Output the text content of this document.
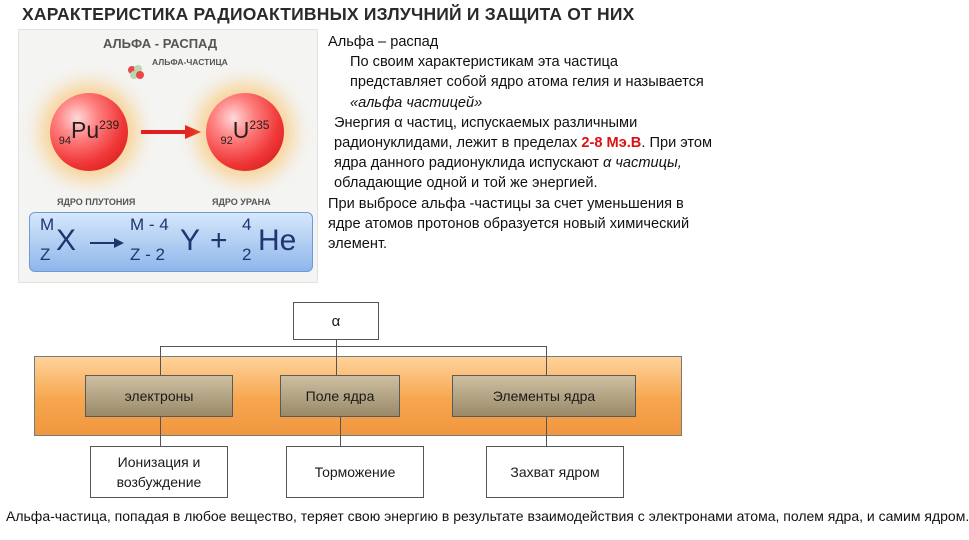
ХАРАКТЕРИСТИКА РАДИОАКТИВНЫХ ИЗЛУЧНИЙ И ЗАЩИТА ОТ НИХ
АЛЬФА - РАСПАД
АЛЬФА-ЧАСТИЦА
$_{94}Pu^{239}$
$_{92}U^{235}$
ЯДРО ПЛУТОНИЯ	ЯДРО УРАНА
M
Z X	M - 4
Z - 2 Y + 4
2 He
Альфа – распад
По своим характеристикам эта частица представляет собой ядро атома гелия и называется «альфа частицей»
Энергия α частиц, испускаемых различными радионуклидами, лежит в пределах 2-8 Мэ.В. При этом ядра данного радионуклида испускают α частицы, обладающие одной и той же энергией.
При выбросе альфа -частицы за счет уменьшения в ядре атомов протонов образуется новый химический элемент.
α
электроны	Поле ядра	Элементы ядра
Ионизация и возбуждение
Торможение	Захват ядром
Альфа-частица, попадая в любое вещество, теряет свою энергию в результате взаимодействия с электронами атома, полем ядра, и самим ядром.
